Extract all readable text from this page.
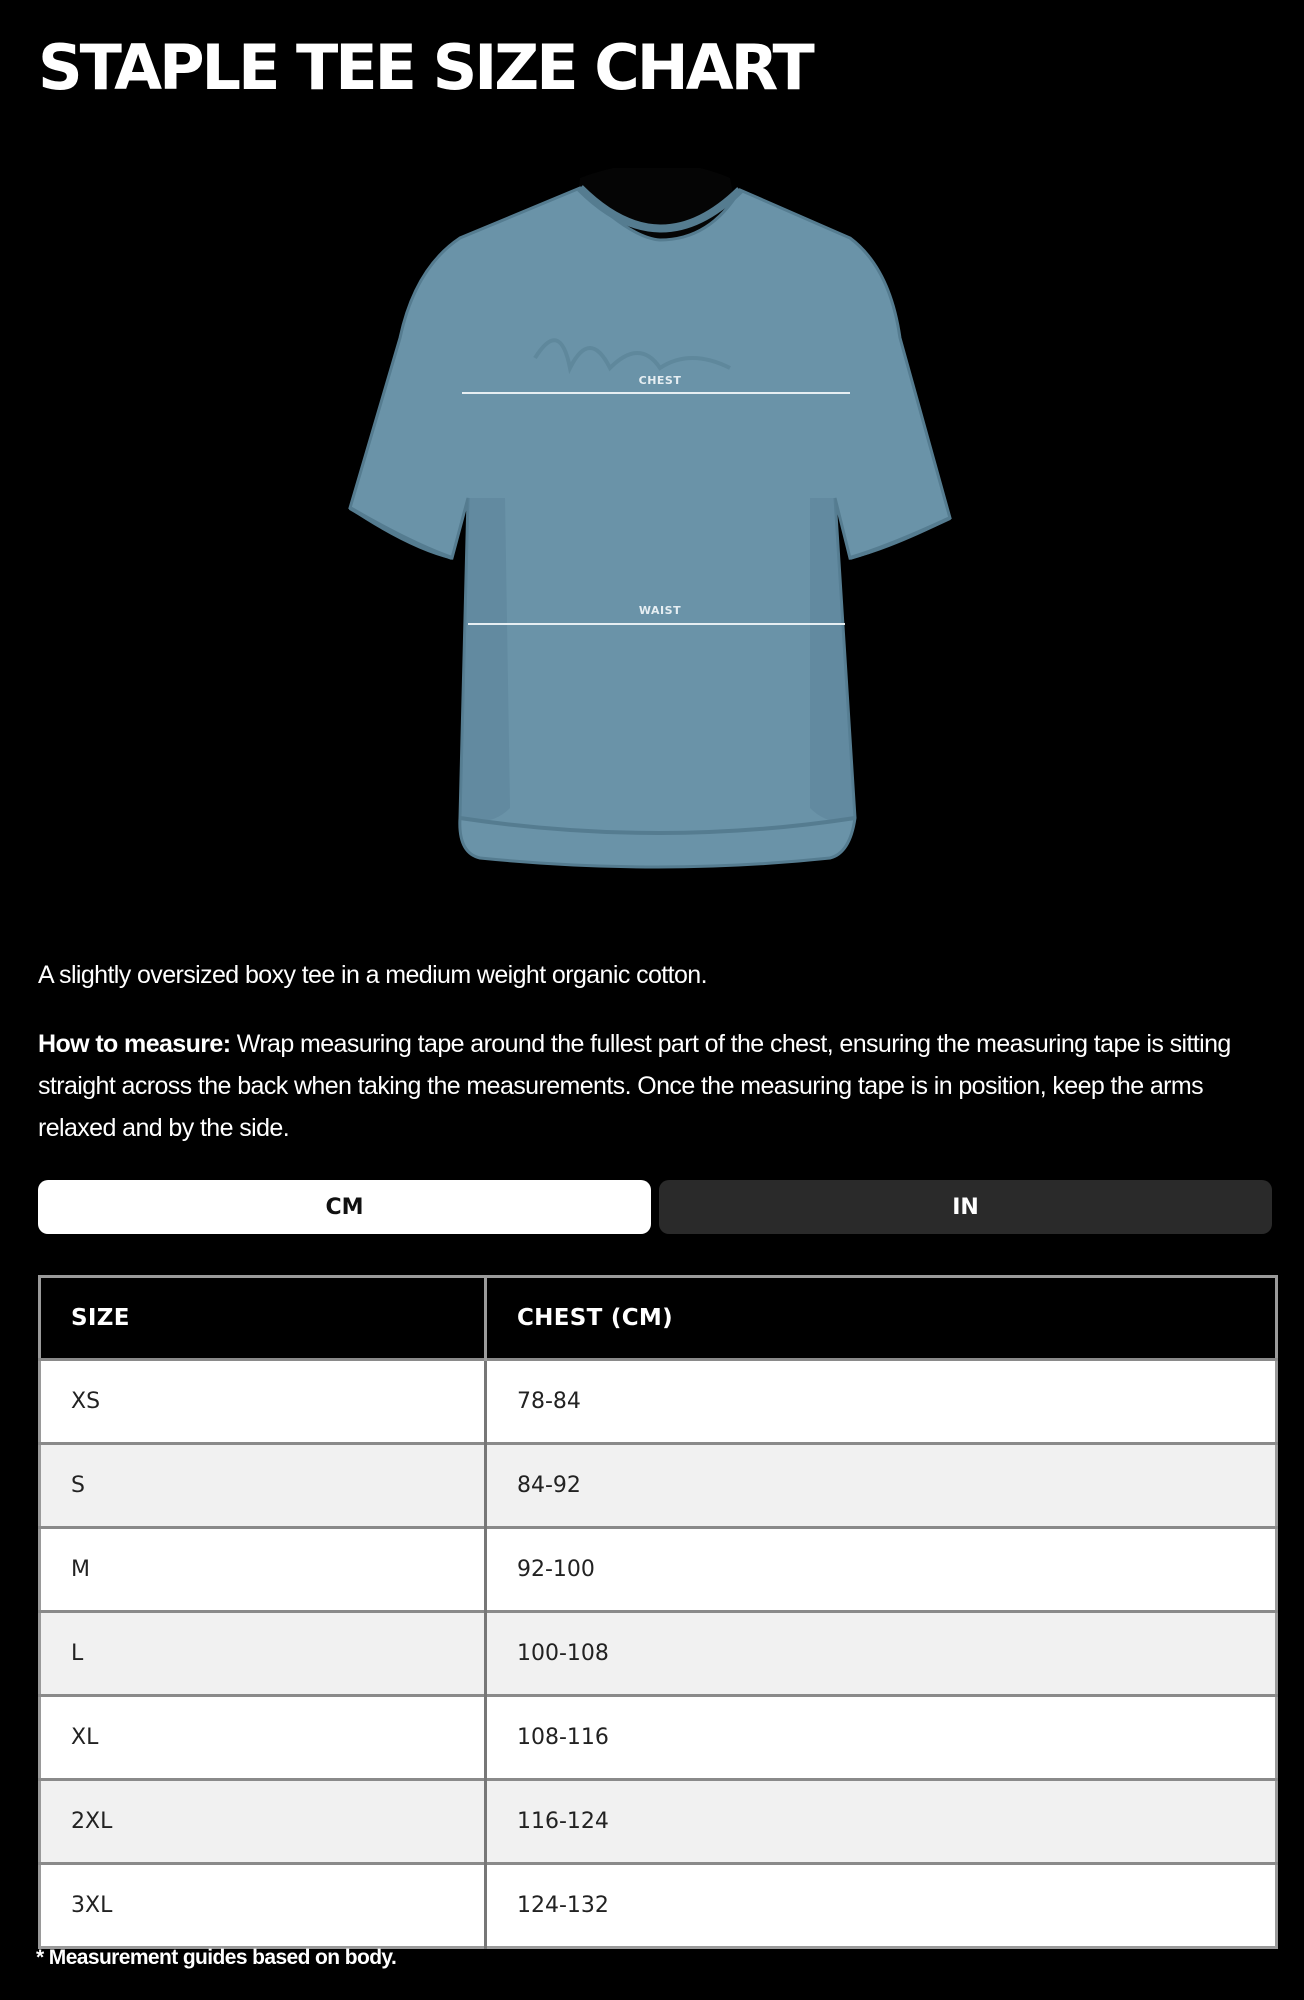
STAPLE TEE SIZE CHART
CHEST
WAIST

A slightly oversized boxy tee in a medium weight organic cotton.

How to measure: Wrap measuring tape around the fullest part of the chest, ensuring the measuring tape is sitting straight across the back when taking the measurements. Once the measuring tape is in position, keep the arms relaxed and by the side.

CM	IN
SIZE	CHEST (CM)
XS	78-84
S	84-92
M	92-100
L	100-108
XL	108-116
2XL	116-124
3XL	124-132

* Measurement guides based on body.
